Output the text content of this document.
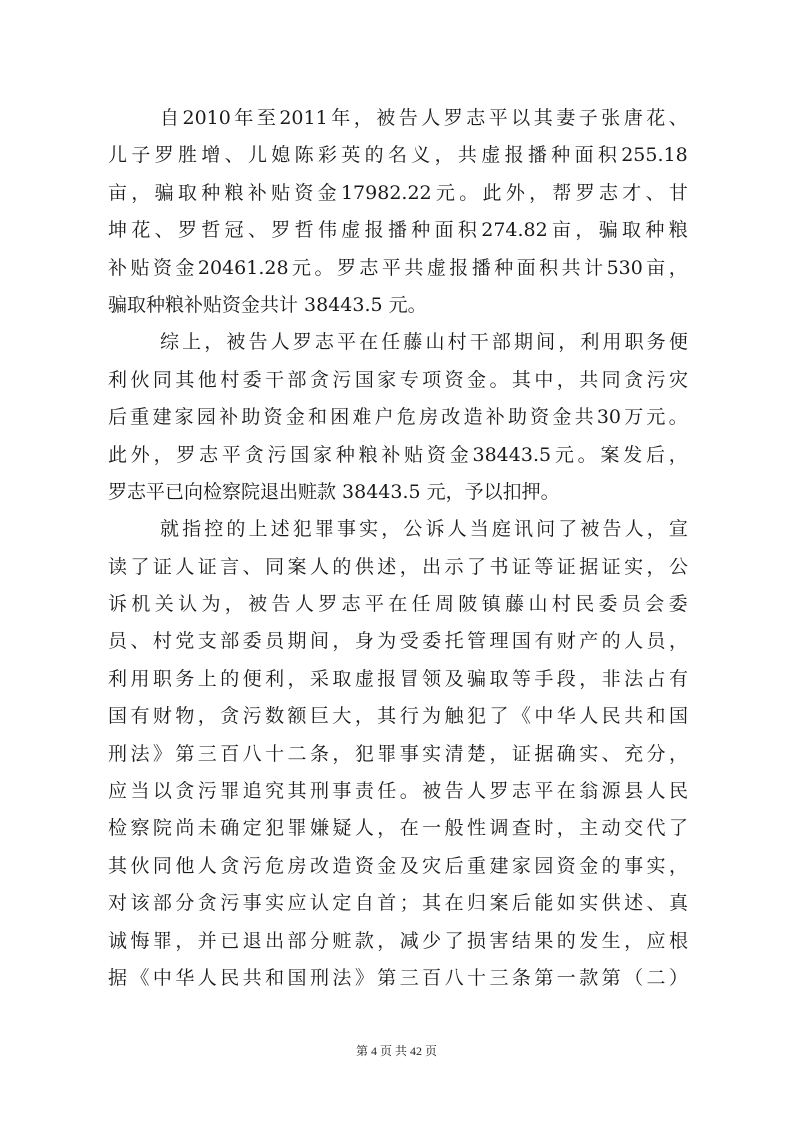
自 2010 年 至 2011 年 ， 被 告 人 罗 志 平 以 其 妻 子 张 唐 花 、
儿 子 罗 胜 增 、 儿 媳 陈 彩 英 的 名 义 ， 共 虚 报 播 种 面 积 255.18
亩 ， 骗 取 种 粮 补 贴 资 金 17982.22 元 。 此 外 ， 帮 罗 志 才 、 甘
坤 花 、 罗 哲 冠 、 罗 哲 伟 虚 报 播 种 面 积 274.82 亩 ， 骗 取 种 粮
补 贴 资 金 20461.28 元 。 罗 志 平 共 虚 报 播 种 面 积 共 计 530 亩 ，
骗取种粮补贴资金共计 38443.5 元。
综 上 ， 被 告 人 罗 志 平 在 任 藤 山 村 干 部 期 间 ， 利 用 职 务 便
利 伙 同 其 他 村 委 干 部 贪 污 国 家 专 项 资 金 。 其 中 ， 共 同 贪 污 灾
后 重 建 家 园 补 助 资 金 和 困 难 户 危 房 改 造 补 助 资 金 共 30 万 元 。
此 外 ， 罗 志 平 贪 污 国 家 种 粮 补 贴 资 金 38443.5 元 。 案 发 后 ，
罗志平已向检察院退出赃款 38443.5 元，予以扣押。
就 指 控 的 上 述 犯 罪 事 实 ， 公 诉 人 当 庭 讯 问 了 被 告 人 ， 宣
读 了 证 人 证 言 、 同 案 人 的 供 述 ， 出 示 了 书 证 等 证 据 证 实 ， 公
诉 机 关 认 为 ， 被 告 人 罗 志 平 在 任 周 陂 镇 藤 山 村 民 委 员 会 委
员 、 村 党 支 部 委 员 期 间 ， 身 为 受 委 托 管 理 国 有 财 产 的 人 员 ，
利 用 职 务 上 的 便 利 ， 采 取 虚 报 冒 领 及 骗 取 等 手 段 ， 非 法 占 有
国 有 财 物 ， 贪 污 数 额 巨 大 ， 其 行 为 触 犯 了 《 中 华 人 民 共 和 国
刑 法 》 第 三 百 八 十 二 条 ， 犯 罪 事 实 清 楚 ， 证 据 确 实 、 充 分 ，
应 当 以 贪 污 罪 追 究 其 刑 事 责 任 。 被 告 人 罗 志 平 在 翁 源 县 人 民
检 察 院 尚 未 确 定 犯 罪 嫌 疑 人 ， 在 一 般 性 调 查 时 ， 主 动 交 代 了
其 伙 同 他 人 贪 污 危 房 改 造 资 金 及 灾 后 重 建 家 园 资 金 的 事 实 ，
对 该 部 分 贪 污 事 实 应 认 定 自 首 ； 其 在 归 案 后 能 如 实 供 述 、 真
诚 悔 罪 ， 并 已 退 出 部 分 赃 款 ， 减 少 了 损 害 结 果 的 发 生 ， 应 根
据 《 中 华 人 民 共 和 国 刑 法 》 第 三 百 八 十 三 条 第 一 款 第 （ 二 ）
第 4 页 共 42 页
